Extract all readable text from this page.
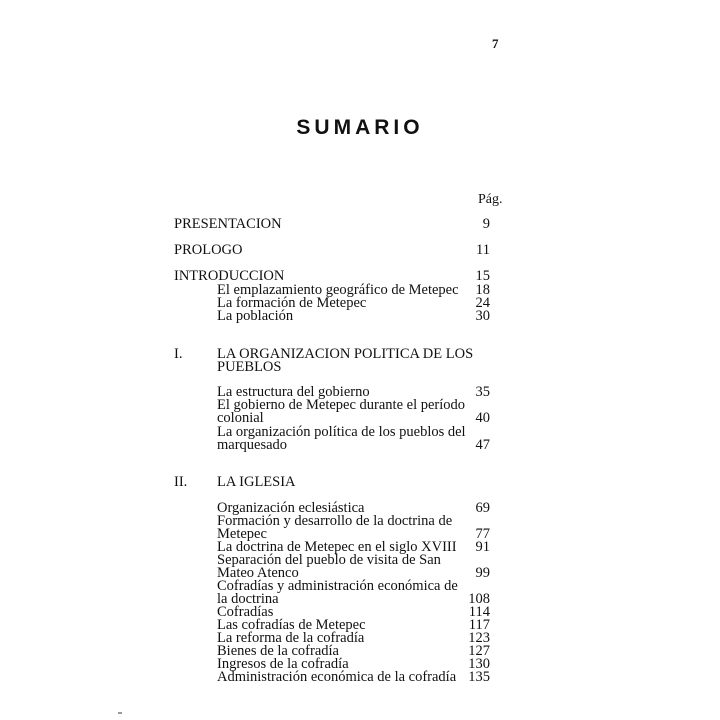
7
SUMARIO
Pág.
PRESENTACION	9
PROLOGO	11
INTRODUCCION	15
El emplazamiento geográfico de Metepec 18
La formación de Metepec	24
La población	30
I. LA ORGANIZACION POLITICA DE LOS
PUEBLOS
La estructura del gobierno	35
El gobierno de Metepec durante el período
colonial	40
La organización política de los pueblos del
marquesado	47
II. LA IGLESIA
Organización eclesiástica	69
Formación y desarrollo de la doctrina de
Metepec	77
La doctrina de Metepec en el siglo XVIII 91
Separación del pueblo de visita de San
Mateo Atenco	99
Cofradías y administración económica de
la doctrina	108
Cofradías	114
Las cofradías de Metepec	117
La reforma de la cofradía	123
Bienes de la cofradía	127
Ingresos de la cofradía	130
Administración económica de la cofradía 135
